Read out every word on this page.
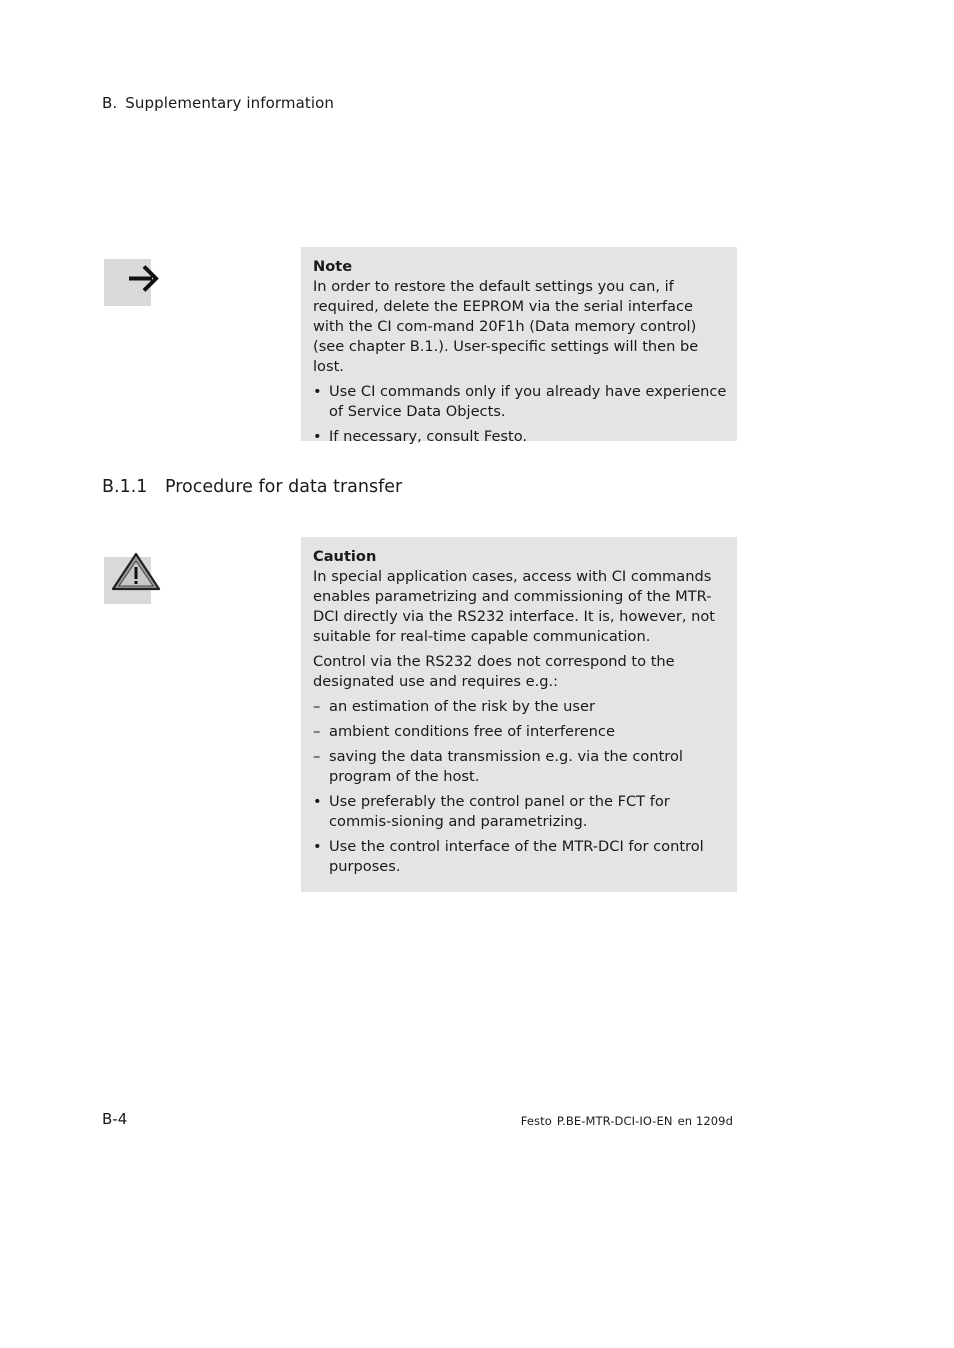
B. Supplementary information
Note

In order to restore the default settings you can, if required, delete the EEPROM via the serial interface with the CI com-mand 20F1h (Data memory control) (see chapter B.1.). User-specific settings will then be lost.

• Use CI commands only if you already have experience of Service Data Objects.
• If necessary, consult Festo.
B.1.1 Procedure for data transfer
Caution

In special application cases, access with CI commands enables parametrizing and commissioning of the MTR-DCI directly via the RS232 interface. It is, however, not suitable for real-time capable communication.

Control via the RS232 does not correspond to the designated use and requires e.g.:

– an estimation of the risk by the user
– ambient conditions free of interference
– saving the data transmission e.g. via the control program of the host.
• Use preferably the control panel or the FCT for commis-sioning and parametrizing.
• Use the control interface of the MTR-DCI for control purposes.
B-4	Festo P.BE-MTR-DCI-IO-EN en 1209d
